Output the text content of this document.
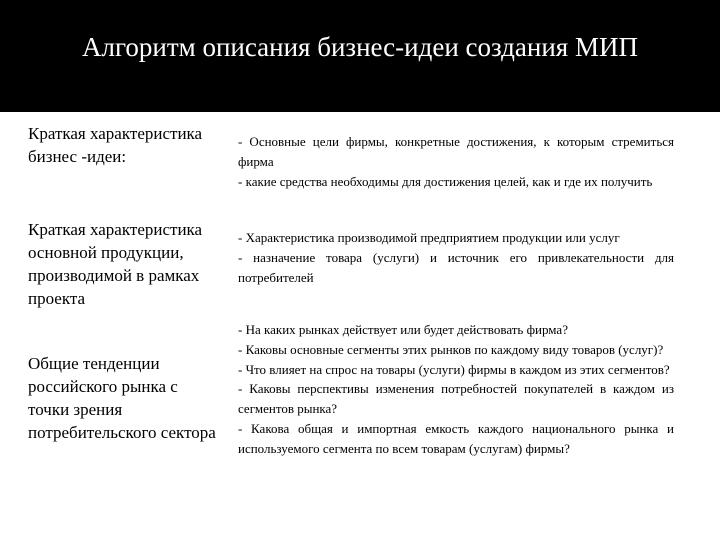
Алгоритм описания бизнес-идеи создания МИП
Краткая характеристика бизнес -идеи:

- Основные цели фирмы, конкретные достижения, к которым стремиться фирма

- какие средства необходимы для достижения целей, как и где их получить

Краткая характеристика основной продукции, производимой в рамках проекта

- Характеристика производимой предприятием продукции или услуг

- назначение товара (услуги) и источник его привлекательности для потребителей

Общие тенденции российского рынка с точки зрения потребительского сектора

- На каких рынках действует или будет действовать фирма?

- Каковы основные сегменты этих рынков по каждому виду товаров (услуг)?

- Что влияет на спрос на товары (услуги) фирмы в каждом из этих сегментов?

- Каковы перспективы изменения потребностей покупателей в каждом из сегментов рынка?

- Какова общая и импортная емкость каждого национального рынка и используемого сегмента по всем товарам (услугам) фирмы?
